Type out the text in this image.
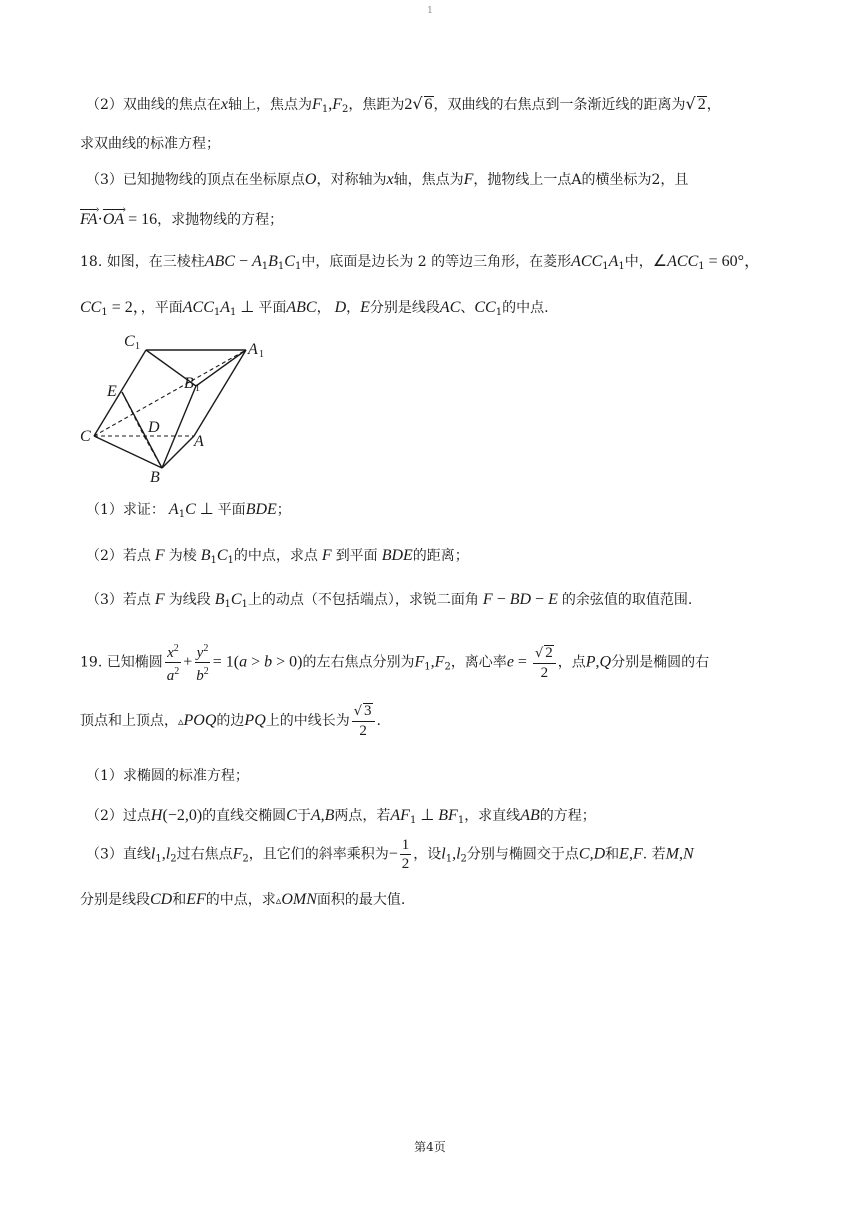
1
（2）双曲线的焦点在x轴上，焦点为$F_1,F_2$，焦距为2√ 6，双曲线的右焦点到一条渐近线的距离为√ 2，
求双曲线的标准方程；
（3）已知抛物线的顶点在坐标原点O，对称轴为x轴，焦点为F，抛物线上一点A的横坐标为2，且
FA ›·OA › = 16，求抛物线的方程；
18. 如图，在三棱柱ABC − $A_1B_1C_1$中，底面是边长为 2 的等边三角形，在菱形$ACC_1A_1$中，$\angle ACC_1 = 60^\circ$，
$CC_1 = 2$，，平面$ACC_1A_1$ ⊥ 平面ABC， D，E分别是线段AC、$CC_1$的中点.
C 1	A 1
B 1
E
D
C	A
B
（1）求证： $A_1C$ ⊥ 平面BDE；
（2）若点 F 为棱 $B_1C_1$的中点，求点 F 到平面 BDE的距离；
（3）若点 F 为线段 $B_1C_1$上的动点（不包括端点），求锐二面角 F − BD − E 的余弦值的取值范围.
19. 已知椭圆 $\frac{x^2}{a^2} + \frac{y^2}{b^2} = 1(a > b > 0)$的左右焦点分别为$F_1,F_2$，离心率$e = \frac{√ 2}{2}$ ，点P,Q分别是椭圆的右
顶点和上顶点，▵POQ的边PQ上的中线长为 $\frac{√ 3}{2}$ .
（1）求椭圆的标准方程；
（2）过点H(−2,0)的直线交椭圆C于A,B两点，若$AF_1$ ⊥ $BF_1$，求直线AB的方程；
（3）直线$l_1,l_2$过右焦点$F_2$，且它们的斜率乘积为− $\frac{1}{2}$ ，设$l_1,l_2$分别与椭圆交于点C,D和E,F. 若M,N
分别是线段CD和EF的中点，求▵OMN面积的最大值.
第4页
